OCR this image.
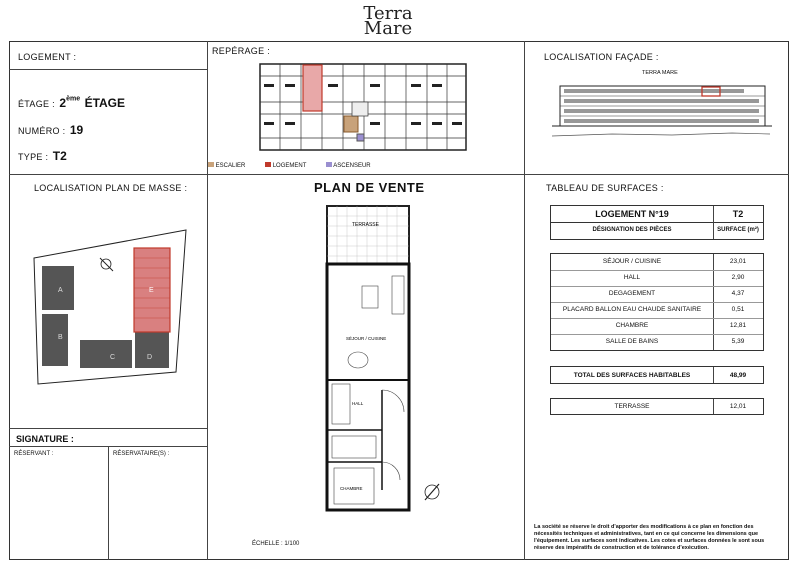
Terra
Mare
LOGEMENT :
ÉTAGE : 2ème ÉTAGE
NUMÉRO : 19
TYPE : T2
REPÉRAGE :
ESCALIER	LOGEMENT	ASCENSEUR
LOCALISATION FAÇADE :
TERRA MARE
LOCALISATION PLAN DE MASSE :
A
B
C	D
E
SIGNATURE :
RÉSERVANT :	RÉSERVATAIRE(S) :
PLAN DE VENTE
TERRASSE
SÉJOUR / CUISINE
HALL
CHAMBRE
ÉCHELLE : 1/100
TABLEAU DE SURFACES :
LOGEMENT N°19	T2
DÉSIGNATION DES PIÈCES	SURFACE (m²)
SÉJOUR / CUISINE	23,01
HALL	2,90
DEGAGEMENT	4,37
PLACARD BALLON EAU CHAUDE SANITAIRE	0,51
CHAMBRE	12,81
SALLE DE BAINS	5,39
TOTAL DES SURFACES HABITABLES	48,99
TERRASSE	12,01
La société se réserve le droit d'apporter des modifications à ce plan en fonction des nécessités techniques et administratives, tant en ce qui concerne les dimensions que l'équipement. Les surfaces sont indicatives. Les cotes et surfaces données le sont sous réserve des impératifs de construction et de tolérance d'exécution.
